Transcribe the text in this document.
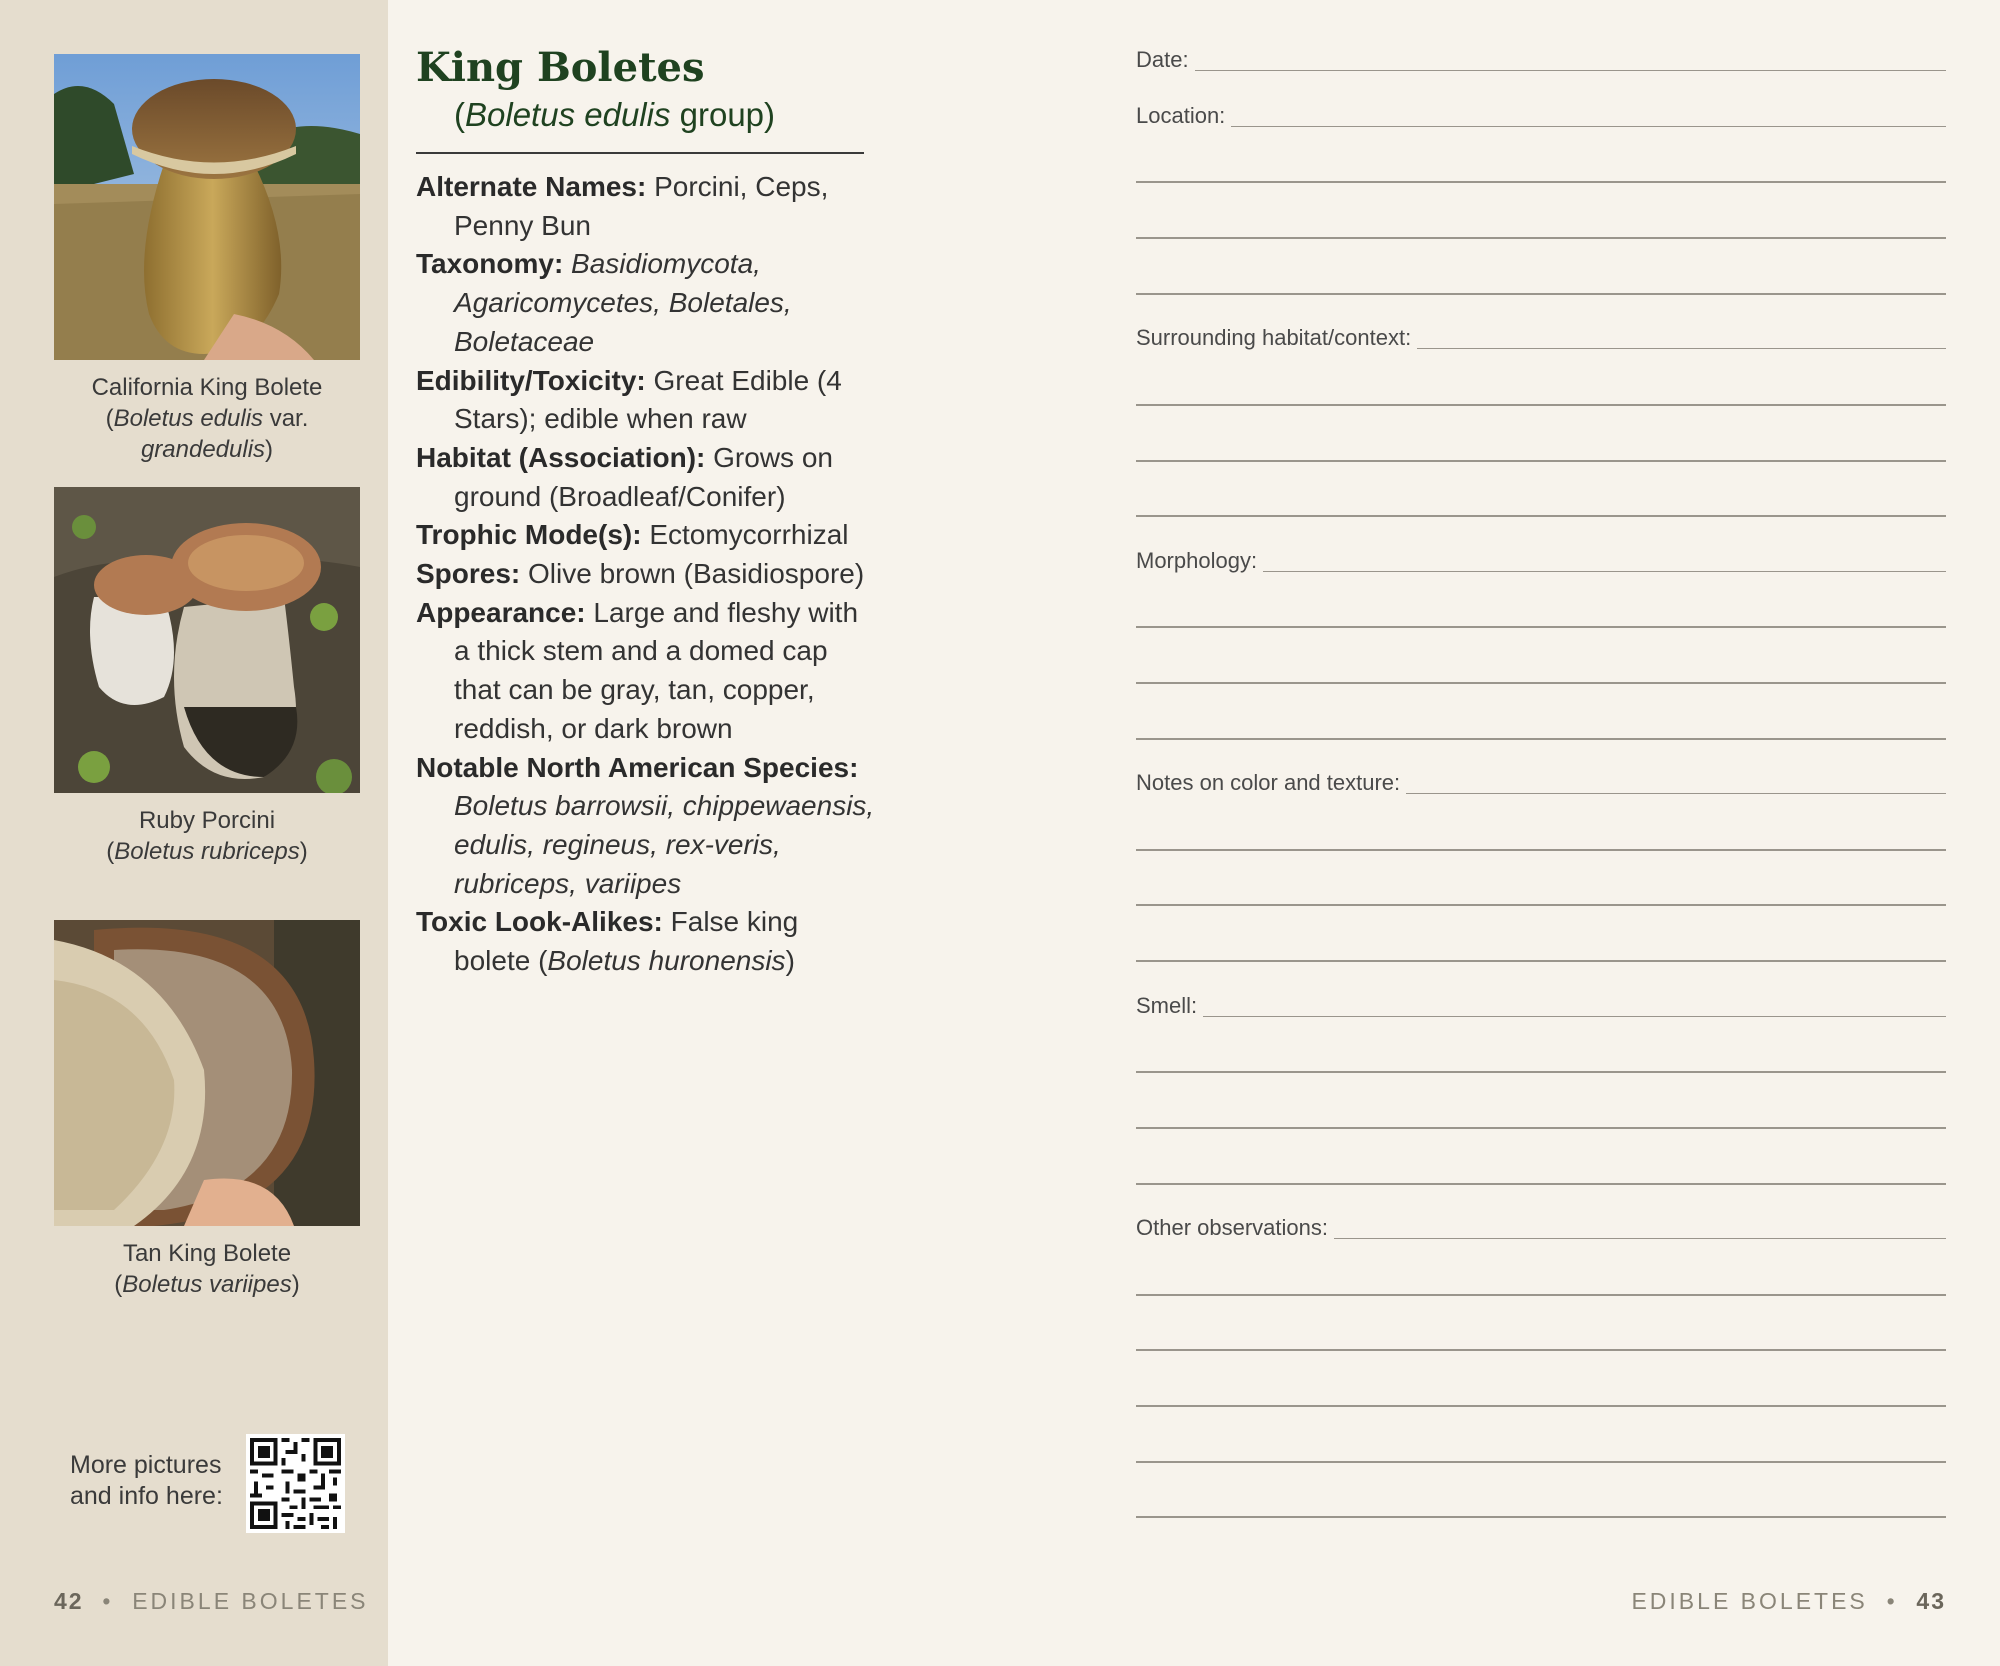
California King Bolete
(Boletus edulis var.
grandedulis)
Ruby Porcini
(Boletus rubriceps)
Tan King Bolete
(Boletus variipes)
More pictures
and info here:
42 • EDIBLE BOLETES
King Boletes
(Boletus edulis group)
Alternate Names: Porcini, Ceps, Penny Bun
Taxonomy: Basidiomycota, Agaricomycetes, Boletales, Boletaceae
Edibility/Toxicity: Great Edible (4 Stars); edible when raw
Habitat (Association): Grows on ground (Broadleaf/Conifer)
Trophic Mode(s): Ectomycorrhizal
Spores: Olive brown (Basidiospore)
Appearance: Large and fleshy with a thick stem and a domed cap that can be gray, tan, copper, reddish, or dark brown
Notable North American Species: Boletus barrowsii, chippewaensis, edulis, regineus, rex-veris, rubriceps, variipes
Toxic Look-Alikes: False king bolete (Boletus huronensis)
Date:
Location:
Surrounding habitat/context:
Morphology:
Notes on color and texture:
Smell:
Other observations:
EDIBLE BOLETES • 43
